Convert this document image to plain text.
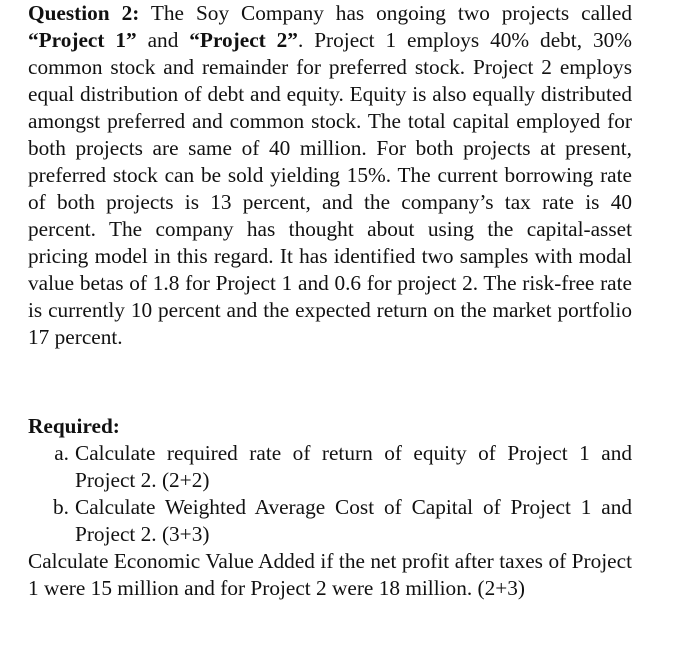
Question 2: The Soy Company has ongoing two projects called “Project 1” and “Project 2”. Project 1 employs 40% debt, 30% common stock and remainder for preferred stock. Project 2 employs equal distribution of debt and equity. Equity is also equally distributed amongst preferred and common stock. The total capital employed for both projects are same of 40 million. For both projects at present, preferred stock can be sold yielding 15%. The current borrowing rate of both projects is 13 percent, and the company’s tax rate is 40 percent. The company has thought about using the capital-asset pricing model in this regard. It has identified two samples with modal value betas of 1.8 for Project 1 and 0.6 for project 2. The risk-free rate is currently 10 percent and the expected return on the market portfolio 17 percent.

Required:

a. Calculate required rate of return of equity of Project 1 and Project 2. (2+2)
b. Calculate Weighted Average Cost of Capital of Project 1 and Project 2. (3+3)

Calculate Economic Value Added if the net profit after taxes of Project 1 were 15 million and for Project 2 were 18 million. (2+3)
